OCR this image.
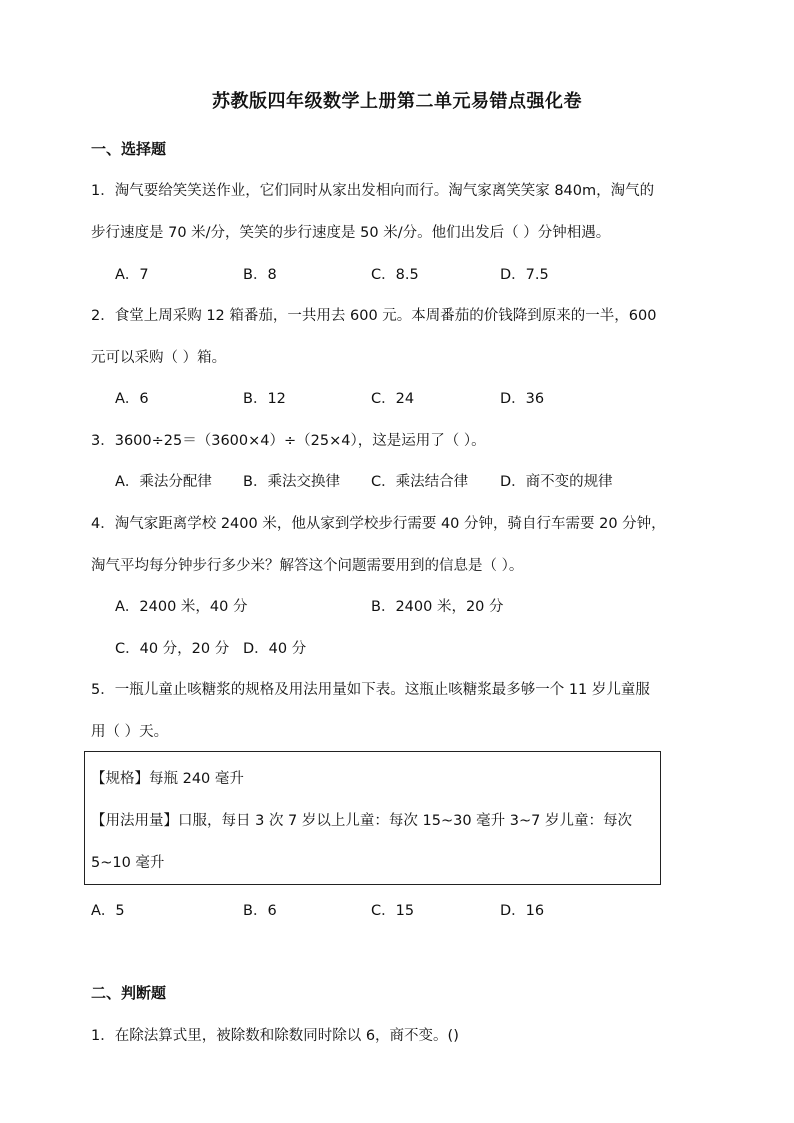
苏教版四年级数学上册第二单元易错点强化卷
一、选择题
1．淘气要给笑笑送作业，它们同时从家出发相向而行。淘气家离笑笑家 840m，淘气的
步行速度是 70 米/分，笑笑的步行速度是 50 米/分。他们出发后（ ）分钟相遇。
A．7	B．8	C．8.5	D．7.5
2．食堂上周采购 12 箱番茄，一共用去 600 元。本周番茄的价钱降到原来的一半，600
元可以采购（ ）箱。
A．6	B．12	C．24	D．36
3．3600÷25＝（3600×4）÷（25×4），这是运用了（ ）。
A．乘法分配律 B．乘法交换律 C．乘法结合律 D．商不变的规律
4．淘气家距离学校 2400 米，他从家到学校步行需要 40 分钟，骑自行车需要 20 分钟，
淘气平均每分钟步行多少米？解答这个问题需要用到的信息是（ ）。
A．2400 米，40 分	B．2400 米，20 分
C．40 分，20 分 D．40 分
5．一瓶儿童止咳糖浆的规格及用法用量如下表。这瓶止咳糖浆最多够一个 11 岁儿童服
用（ ）天。
【规格】每瓶 240 毫升
【用法用量】口服，每日 3 次 7 岁以上儿童：每次 15~30 毫升 3~7 岁儿童：每次
5~10 毫升
A．5	B．6	C．15	D．16
二、判断题
1．在除法算式里，被除数和除数同时除以 6，商不变。()
